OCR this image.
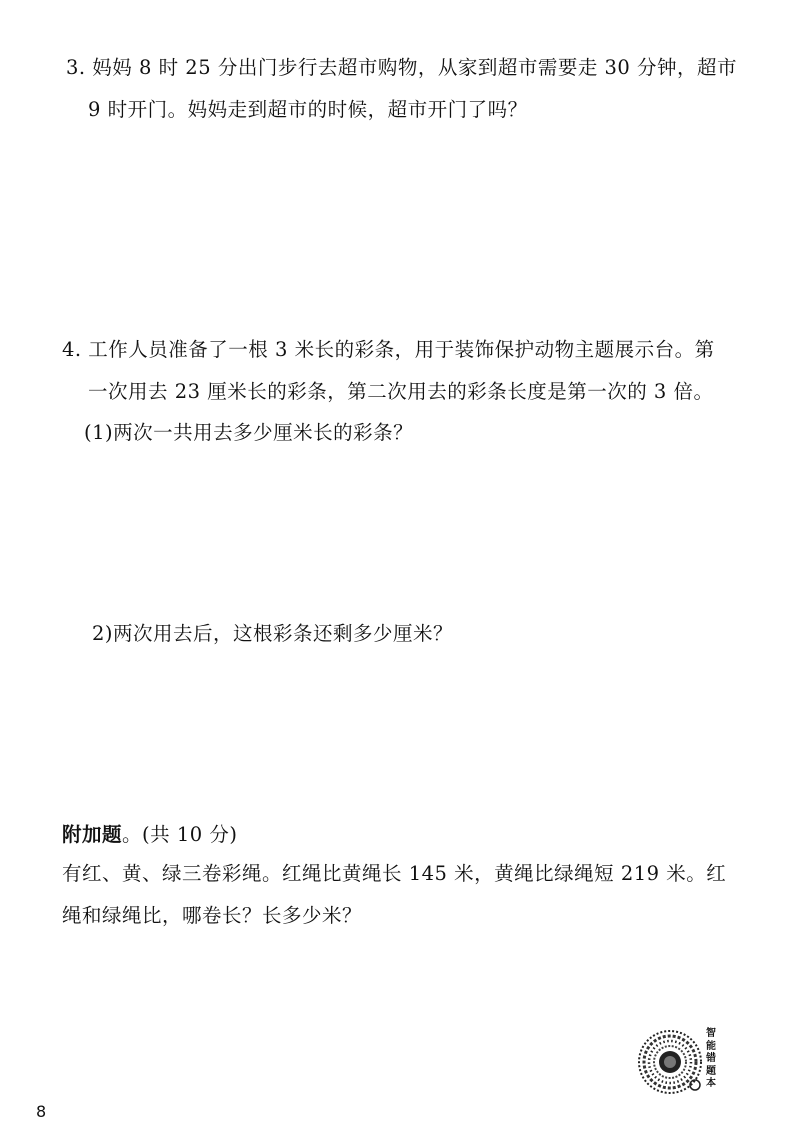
3. 妈妈 8 时 25 分出门步行去超市购物，从家到超市需要走 30 分钟，超市
9 时开门。妈妈走到超市的时候，超市开门了吗？
4. 工作人员准备了一根 3 米长的彩条，用于装饰保护动物主题展示台。第
一次用去 23 厘米长的彩条，第二次用去的彩条长度是第一次的 3 倍。
(1)两次一共用去多少厘米长的彩条？
2)两次用去后，这根彩条还剩多少厘米？
附加题。(共 10 分)
有红、黄、绿三卷彩绳。红绳比黄绳长 145 米，黄绳比绿绳短 219 米。红
绳和绿绳比，哪卷长？长多少米？
智能错题本
8
